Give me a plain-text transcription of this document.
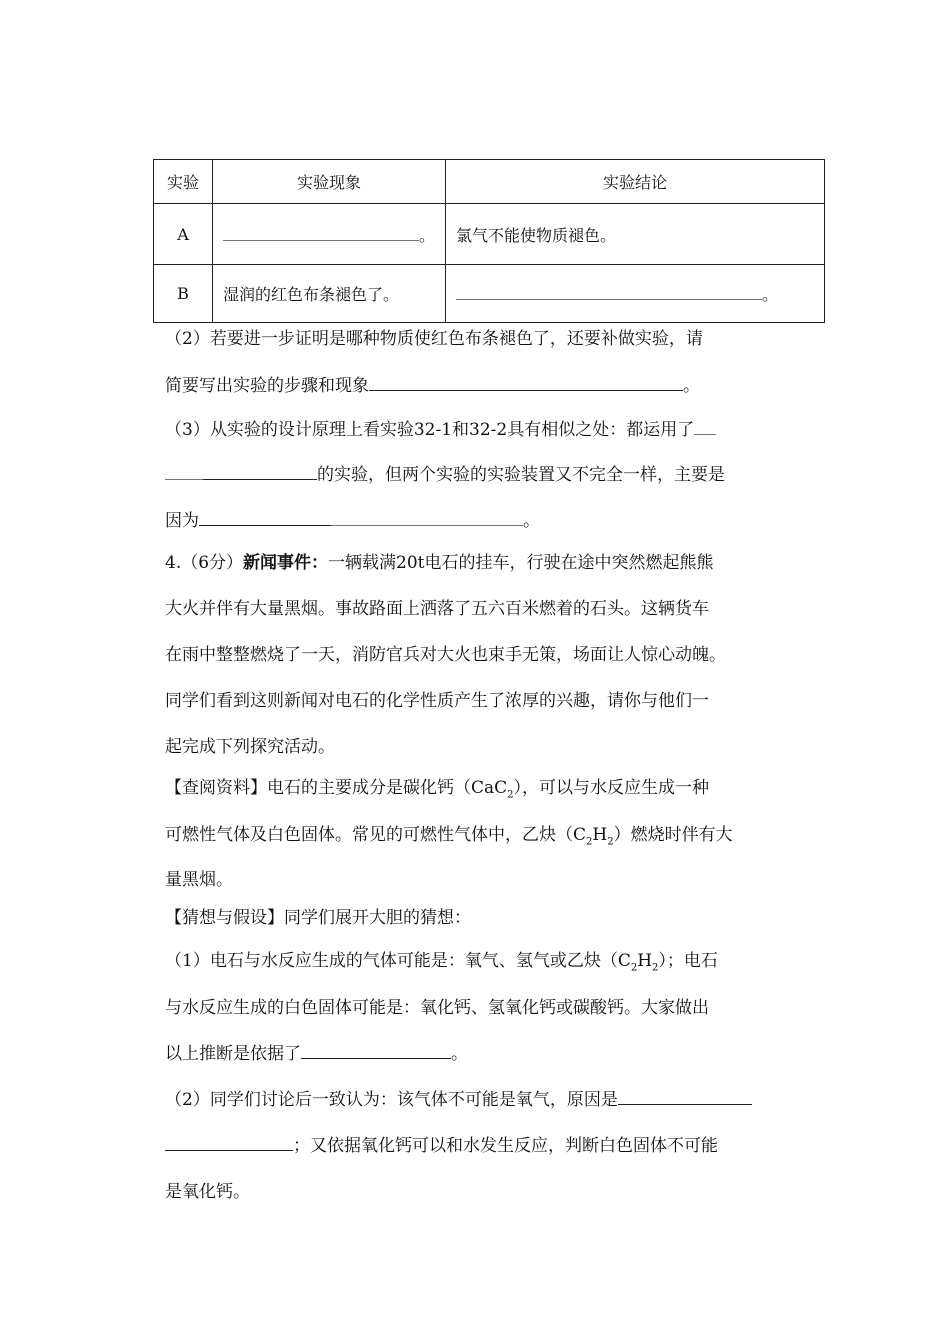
实验	实验现象	实验结论
A	。	氯气不能使物质褪色。
B	湿润的红色布条褪色了。	。
（2）若要进一步证明是哪种物质使红色布条褪色了，还要补做实验，请
简要写出实验的步骤和现象	。
（3）从实验的设计原理上看实验32-1和32-2具有相似之处：都运用了
的实验，但两个实验的实验装置又不完全一样，主要是
因为	。
4.（6分）新闻事件：一辆载满20t电石的挂车，行驶在途中突然燃起熊熊
大火并伴有大量黑烟。事故路面上洒落了五六百米燃着的石头。这辆货车
在雨中整整燃烧了一天，消防官兵对大火也束手无策，场面让人惊心动魄。
同学们看到这则新闻对电石的化学性质产生了浓厚的兴趣，请你与他们一
起完成下列探究活动。
【查阅资料】电石的主要成分是碳化钙（CaC$_2$），可以与水反应生成一种
可燃性气体及白色固体。常见的可燃性气体中，乙炔$(C_2H_2)$燃烧时伴有大
量黑烟。
【猜想与假设】同学们展开大胆的猜想：
（1）电石与水反应生成的气体可能是：氧气、氢气或乙炔$(C_2H_2)$；电石
与水反应生成的白色固体可能是：氧化钙、氢氧化钙或碳酸钙。大家做出
以上推断是依据了	。
（2）同学们讨论后一致认为：该气体不可能是氧气，原因是
；又依据氧化钙可以和水发生反应，判断白色固体不可能
是氧化钙。
